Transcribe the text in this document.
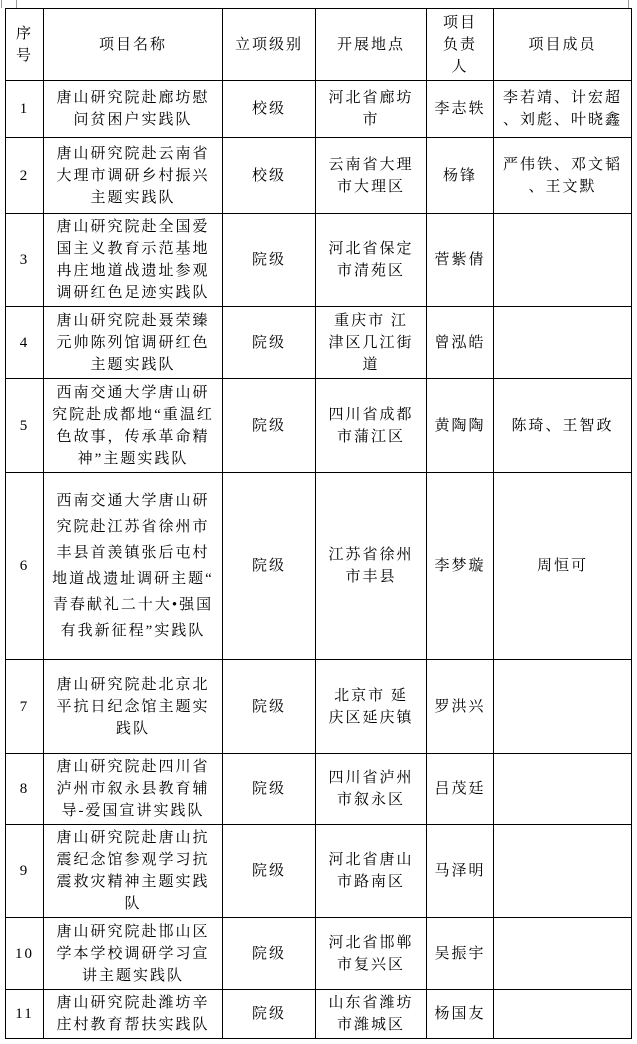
序号	项目名称	立项级别	开展地点	项目负责人	项目成员
1	唐山研究院赴廊坊慰问贫困户实践队	校级	河北省廊坊市	李志轶	李若靖、计宏超、刘彪、叶晓鑫
2	唐山研究院赴云南省大理市调研乡村振兴主题实践队	校级	云南省大理市大理区	杨锋	严伟铁、邓文韬、王文默
3	唐山研究院赴全国爱国主义教育示范基地冉庄地道战遗址参观调研红色足迹实践队	院级	河北省保定市清苑区	菅紫倩	
4	唐山研究院赴聂荣臻元帅陈列馆调研红色主题实践队	院级	重庆市 江津区几江街道	曾泓皓	
5	西南交通大学唐山研究院赴成都地“重温红色故事，传承革命精神”主题实践队	院级	四川省成都市蒲江区	黄陶陶	陈琦、王智政
6	西南交通大学唐山研究院赴江苏省徐州市丰县首羡镇张后屯村地道战遗址调研主题“青春献礼二十大•强国有我新征程”实践队	院级	江苏省徐州市丰县	李梦璇	周恒可
7	唐山研究院赴北京北平抗日纪念馆主题实践队	院级	北京市 延庆区延庆镇	罗洪兴	
8	唐山研究院赴四川省泸州市叙永县教育辅导-爱国宣讲实践队	院级	四川省泸州市叙永区	吕茂廷	
9	唐山研究院赴唐山抗震纪念馆参观学习抗震救灾精神主题实践队	院级	河北省唐山市路南区	马泽明	
10	唐山研究院赴邯山区学本学校调研学习宣讲主题实践队	院级	河北省邯郸市复兴区	吴振宇	
11	唐山研究院赴潍坊辛庄村教育帮扶实践队	院级	山东省潍坊市潍城区	杨国友	
